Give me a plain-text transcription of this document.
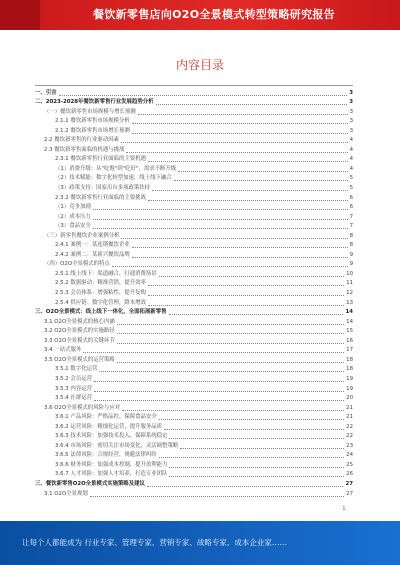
餐饮新零售店向O2O全景模式转型策略研究报告
内容目录
一、引言	3
二、2023-2028年餐饮新零售行业发展趋势分析	3
（一）餐饮新零售市场规模与增长预测	3
2.1.1 餐饮新零售市场规模分析	3
2.1.2 餐饮新零售市场增长预测	3
2.2 餐饮新零售的行业驱动因素	4
2.3 餐饮新零售面临的机遇与挑战	4
2.3.1 餐饮新零售行业面临的主要机遇	4
（1）消费升级：从"吃饱"到"吃好"，需求不断升级	4
（2）技术赋能：数字化转型加速，线上线下融合	5
（3）政策支持：国家出台多项政策扶持	5
2.3.2 餐饮新零售行业面临的主要挑战	6
（1）竞争加剧	6
（2）成本压力	7
（3）食品安全	7
（三）新零售餐饮企业案例分析	8
2.4.1 案例一：某连锁餐饮企业	8
2.4.2 案例二：某新兴餐饮品牌	9
（四）O2O全景模式的特点	9
2.5.1 线上线下：渠道融合，打通消费场景	10
2.5.2 数据驱动：精准营销，提升效率	11
2.5.3 会员体系：增强粘性，提升复购	12
2.5.4 供应链：数字化管理，降本增效	13
三、O2O全景模式：线上线下一体化，全面拓展新零售	14
3.1 O2O全景模式的核心内涵	14
3.2 O2O全景模式的实施路径	15
3.3 O2O全景模式的关键环节	16
3.4 一站式服务	17
3.5 O2O全景模式的运营策略	18
3.5.1 数字化运营	18
3.5.2 会员运营	19
3.5.3 内容运营	19
3.5.4 社群运营	20
3.6 O2O全景模式的风险与应对	21
3.6.1 产品风险：严格品控，保障食品安全	21
3.6.2 运营风险：精细化运营，提升服务品质	22
3.6.3 技术风险：加强技术投入，保障系统稳定	22
3.6.4 市场风险：密切关注市场变化，灵活调整策略	23
3.6.5 法律风险：合规经营，规避法律纠纷	24
3.6.6 财务风险：加强成本控制，提升盈利能力	25
3.6.7 人才风险：加强人才培养，打造专业团队	26
三、餐饮新零售O2O全景模式实施策略及建议	27
3.1 O2O全景规划	27
1
让每个人都能成为 行业专家、管理专家、营销专家、战略专家、成本企业家……
